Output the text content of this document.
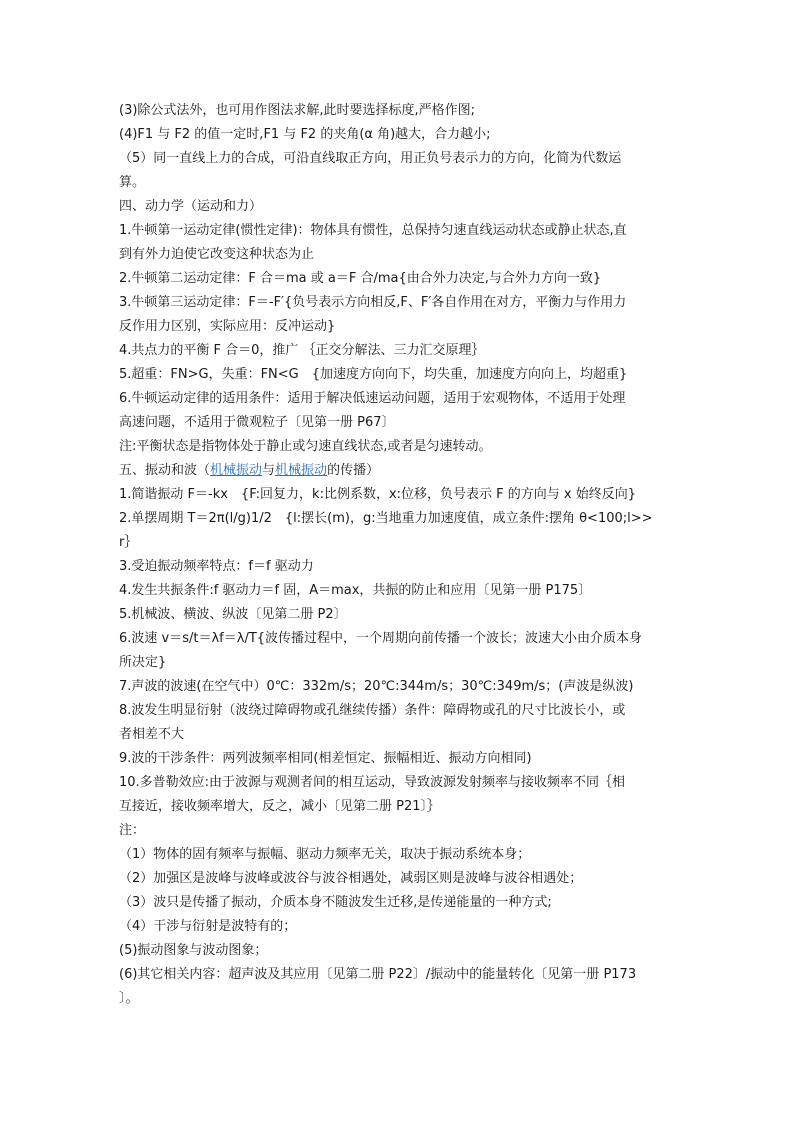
(3)除公式法外，也可用作图法求解,此时要选择标度,严格作图;
(4)F1 与 F2 的值一定时,F1 与 F2 的夹角(α 角)越大，合力越小;
（5）同一直线上力的合成，可沿直线取正方向，用正负号表示力的方向，化简为代数运
算。
四、动力学（运动和力）
1.牛顿第一运动定律(惯性定律)：物体具有惯性，总保持匀速直线运动状态或静止状态,直
到有外力迫使它改变这种状态为止
2.牛顿第二运动定律：F 合＝ma 或 a＝F 合/ma{由合外力决定,与合外力方向一致}
3.牛顿第三运动定律：F＝-F′{负号表示方向相反,F、F′各自作用在对方，平衡力与作用力
反作用力区别，实际应用：反冲运动}
4.共点力的平衡 F 合＝0，推广 ｛正交分解法、三力汇交原理｝
5.超重：FN>G，失重：FN<G　{加速度方向向下，均失重，加速度方向向上，均超重}
6.牛顿运动定律的适用条件：适用于解决低速运动问题，适用于宏观物体，不适用于处理
高速问题，不适用于微观粒子〔见第一册 P67〕
注:平衡状态是指物体处于静止或匀速直线状态,或者是匀速转动。
五、振动和波（机械振动与机械振动的传播）
1.简谐振动 F＝-kx　{F:回复力，k:比例系数，x:位移，负号表示 F 的方向与 x 始终反向}
2.单摆周期 T＝2π(l/g)1/2　{l:摆长(m)，g:当地重力加速度值，成立条件:摆角 θ<100;l>>
r｝
3.受迫振动频率特点：f＝f 驱动力
4.发生共振条件:f 驱动力＝f 固，A＝max，共振的防止和应用〔见第一册 P175〕
5.机械波、横波、纵波〔见第二册 P2〕
6.波速 v＝s/t＝λf＝λ/T{波传播过程中，一个周期向前传播一个波长；波速大小由介质本身
所决定}
7.声波的波速(在空气中）0℃：332m/s；20℃:344m/s；30℃:349m/s；(声波是纵波)
8.波发生明显衍射（波绕过障碍物或孔继续传播）条件：障碍物或孔的尺寸比波长小，或
者相差不大
9.波的干涉条件：两列波频率相同(相差恒定、振幅相近、振动方向相同)
10.多普勒效应:由于波源与观测者间的相互运动，导致波源发射频率与接收频率不同｛相
互接近，接收频率增大，反之，减小〔见第二册 P21〕｝
注：
（1）物体的固有频率与振幅、驱动力频率无关，取决于振动系统本身；
（2）加强区是波峰与波峰或波谷与波谷相遇处，减弱区则是波峰与波谷相遇处；
（3）波只是传播了振动，介质本身不随波发生迁移,是传递能量的一种方式;
（4）干涉与衍射是波特有的；
(5)振动图象与波动图象；
(6)其它相关内容：超声波及其应用〔见第二册 P22〕/振动中的能量转化〔见第一册 P173
〕。
